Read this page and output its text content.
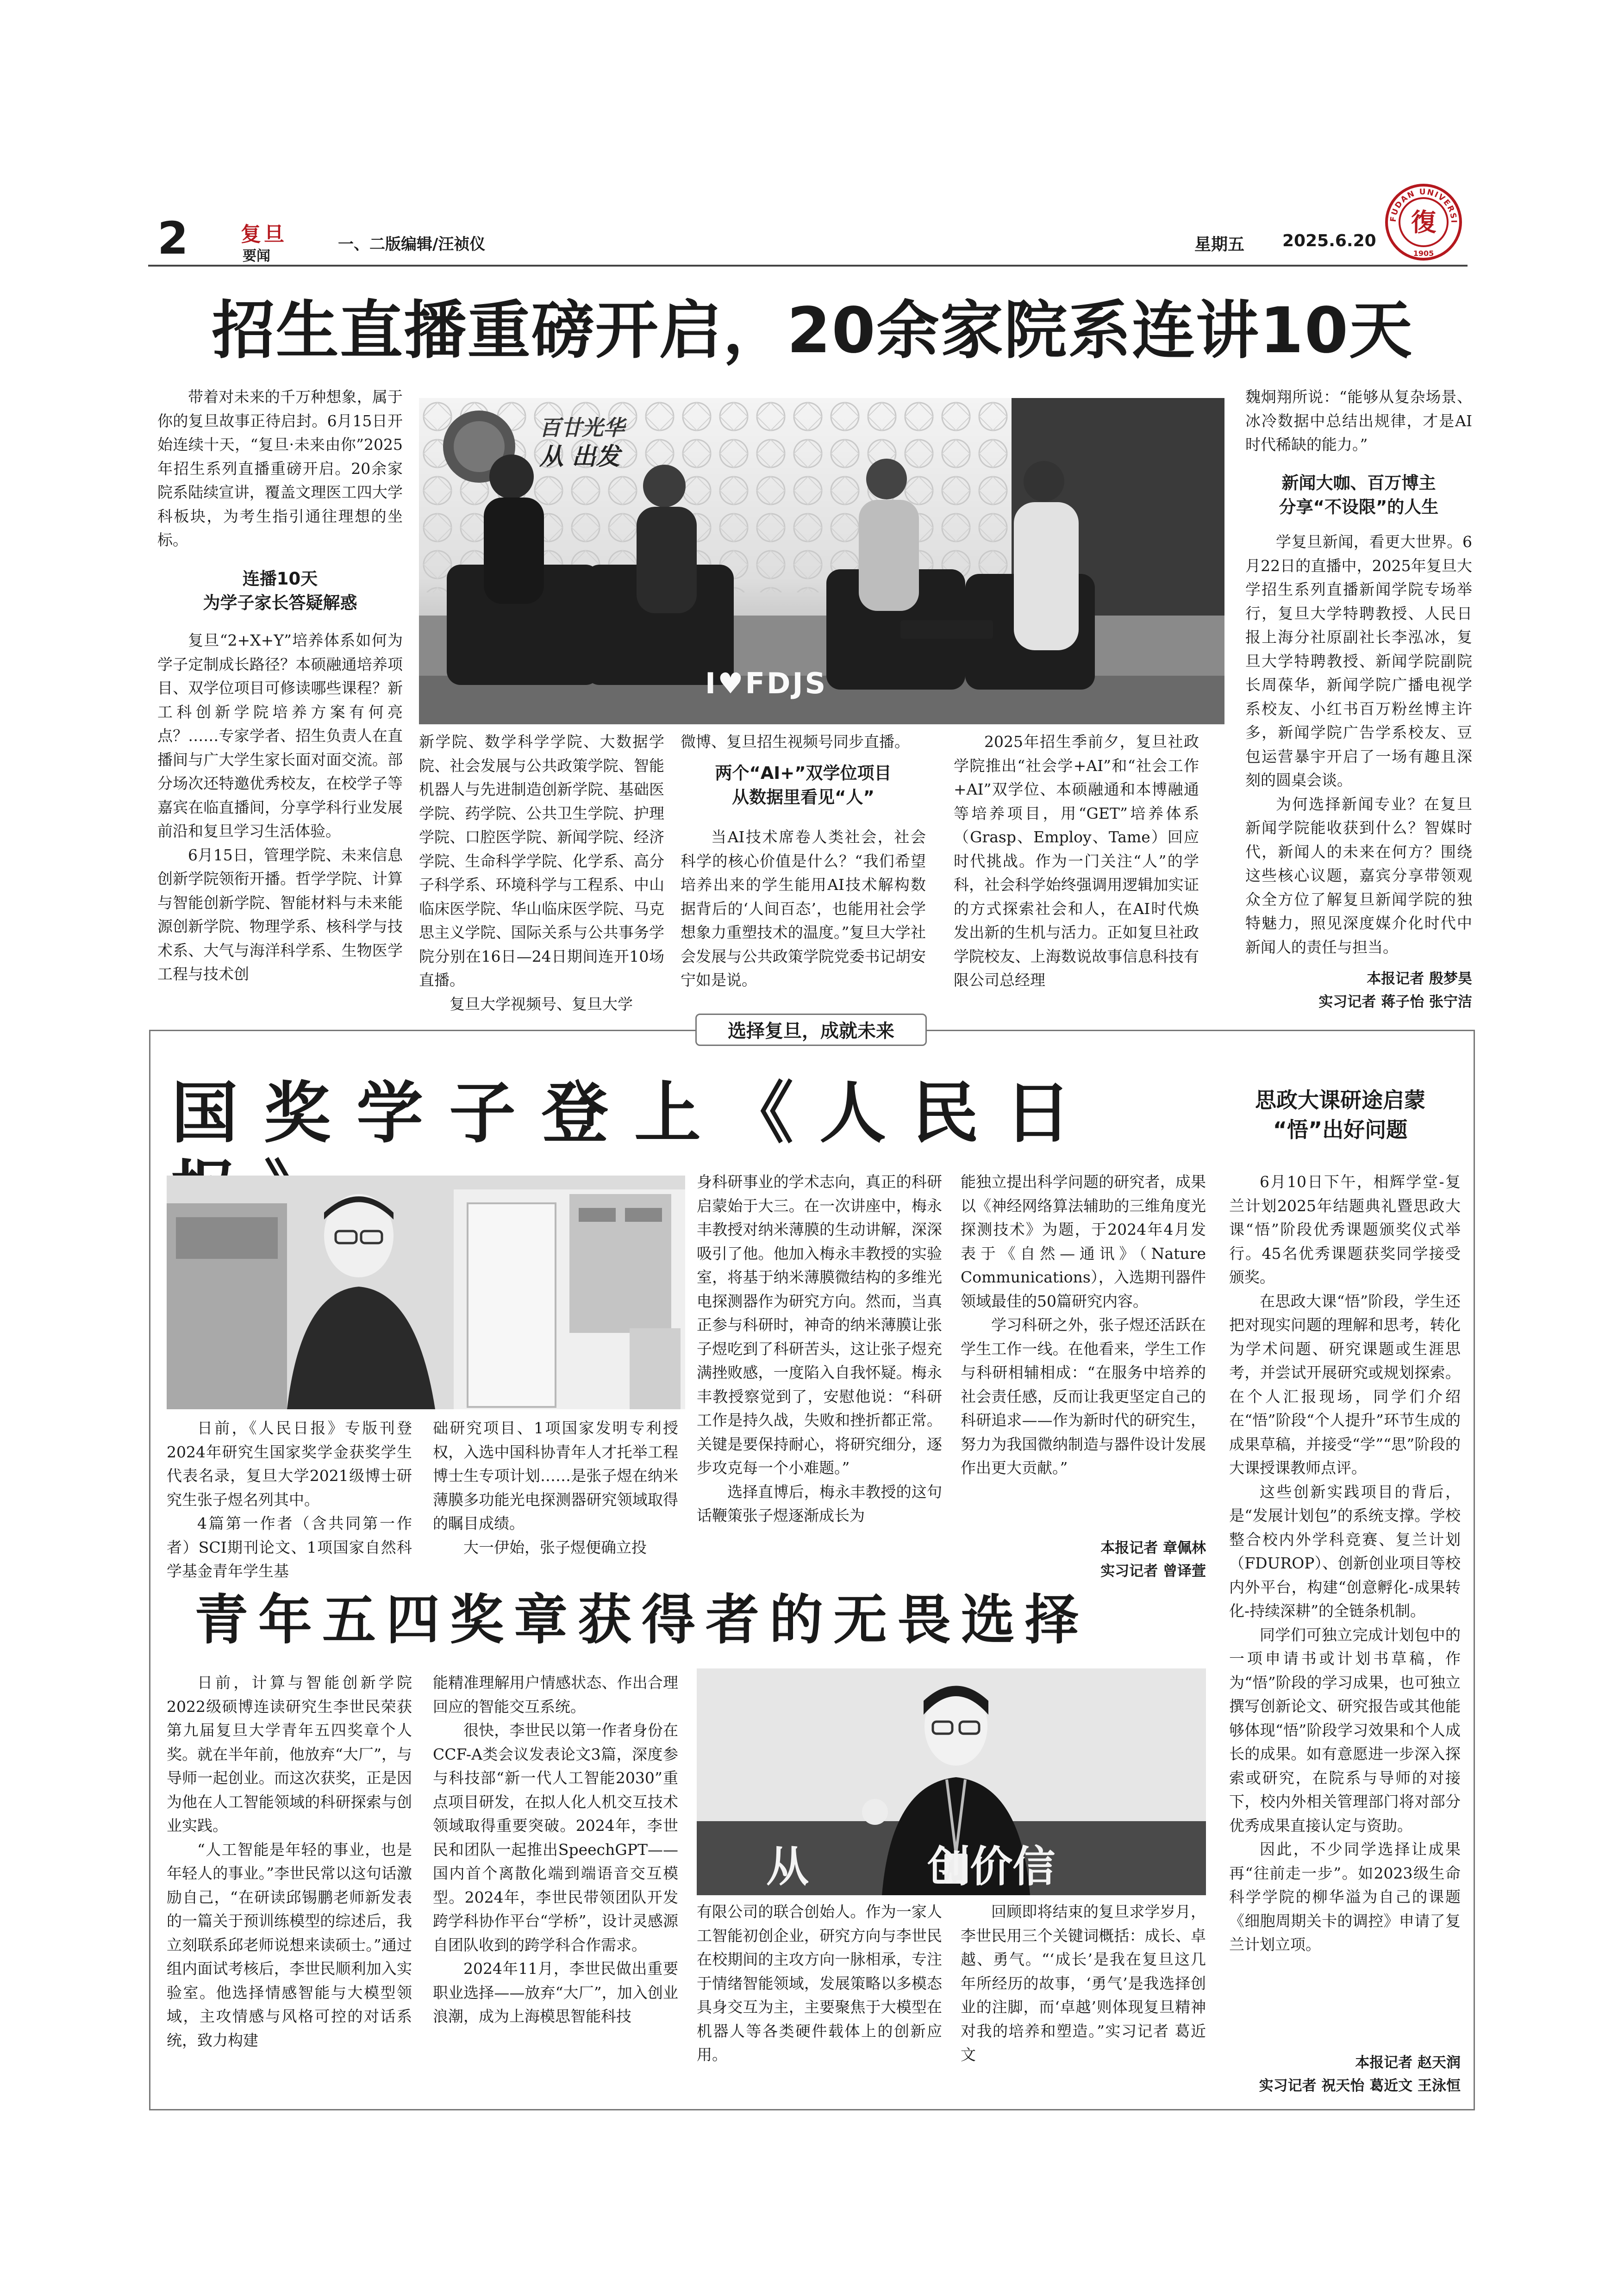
2	复旦
要闻
一、二版编辑/汪祯仪	星期五 2025.6.20
FUDAN UNIVERSI
復
1905
招生直播重磅开启，20余家院系连讲10天
百廿光华
从 出发
I♥FDJS

带着对未来的千万种想象，属于你的复旦故事正待启封。6月15日开始连续十天，“复旦·未来由你”2025年招生系列直播重磅开启。20余家院系陆续宣讲，覆盖文理医工四大学科板块，为考生指引通往理想的坐标。

连播10天
为学子家长答疑解惑

复旦“2+X+Y”培养体系如何为学子定制成长路径？本硕融通培养项目、双学位项目可修读哪些课程？新工科创新学院培养方案有何亮点？……专家学者、招生负责人在直播间与广大学生家长面对面交流。部分场次还特邀优秀校友，在校学子等嘉宾在临直播间，分享学科行业发展前沿和复旦学习生活体验。

6月15日，管理学院、未来信息创新学院领衔开播。哲学学院、计算与智能创新学院、智能材料与未来能源创新学院、物理学系、核科学与技术系、大气与海洋科学系、生物医学工程与技术创

新学院、数学科学学院、大数据学院、社会发展与公共政策学院、智能机器人与先进制造创新学院、基础医学院、药学院、公共卫生学院、护理学院、口腔医学院、新闻学院、经济学院、生命科学学院、化学系、高分子科学系、环境科学与工程系、中山临床医学院、华山临床医学院、马克思主义学院、国际关系与公共事务学院分别在16日—24日期间连开10场直播。

复旦大学视频号、复旦大学

微博、复旦招生视频号同步直播。

两个“AI+”双学位项目
从数据里看见“人”

当AI技术席卷人类社会，社会科学的核心价值是什么？“我们希望培养出来的学生能用AI技术解构数据背后的‘人间百态’，也能用社会学想象力重塑技术的温度。”复旦大学社会发展与公共政策学院党委书记胡安宁如是说。

2025年招生季前夕，复旦社政学院推出“社会学+AI”和“社会工作+AI”双学位、本硕融通和本博融通等培养项目，用“GET”培养体系（Grasp、Employ、Tame）回应时代挑战。作为一门关注“人”的学科，社会科学始终强调用逻辑加实证的方式探索社会和人，在AI时代焕发出新的生机与活力。正如复旦社政学院校友、上海数说故事信息科技有限公司总经理

魏炯翔所说：“能够从复杂场景、冰冷数据中总结出规律，才是AI时代稀缺的能力。”

新闻大咖、百万博主
分享“不设限”的人生

学复旦新闻，看更大世界。6月22日的直播中，2025年复旦大学招生系列直播新闻学院专场举行，复旦大学特聘教授、人民日报上海分社原副社长李泓冰，复旦大学特聘教授、新闻学院副院长周葆华，新闻学院广播电视学系校友、小红书百万粉丝博主许多，新闻学院广告学系校友、豆包运营暴宇开启了一场有趣且深刻的圆桌会谈。

为何选择新闻专业？在复旦新闻学院能收获到什么？智媒时代，新闻人的未来在何方？围绕这些核心议题，嘉宾分享带领观众全方位了解复旦新闻学院的独特魅力，照见深度媒介化时代中新闻人的责任与担当。

本报记者 殷梦昊
实习记者 蒋子怡 张宁洁
选择复旦，成就未来
国奖学子登上《人民日

日前，《人民日报》专版刊登2024年研究生国家奖学金获奖学生代表名录，复旦大学2021级博士研究生张子煜名列其中。

4篇第一作者（含共同第一作者）SCI期刊论文、1项国家自然科学基金青年学生基

础研究项目、1项国家发明专利授权，入选中国科协青年人才托举工程博士生专项计划……是张子煜在纳米薄膜多功能光电探测器研究领域取得的瞩目成绩。

大一伊始，张子煜便确立投

身科研事业的学术志向，真正的科研启蒙始于大三。在一次讲座中，梅永丰教授对纳米薄膜的生动讲解，深深吸引了他。他加入梅永丰教授的实验室，将基于纳米薄膜微结构的多维光电探测器作为研究方向。然而，当真正参与科研时，神奇的纳米薄膜让张子煜吃到了科研苦头，这让张子煜充满挫败感，一度陷入自我怀疑。梅永丰教授察觉到了，安慰他说：“科研工作是持久战，失败和挫折都正常。关键是要保持耐心，将研究细分，逐步攻克每一个小难题。”

选择直博后，梅永丰教授的这句话鞭策张子煜逐渐成长为

能独立提出科学问题的研究者，成果以《神经网络算法辅助的三维角度光探测技术》为题，于2024年4月发表于《自然—通讯》（Nature Communications），入选期刊器件领域最佳的50篇研究内容。

学习科研之外，张子煜还活跃在学生工作一线。在他看来，学生工作与科研相辅相成：“在服务中培养的社会责任感，反而让我更坚定自己的科研追求——作为新时代的研究生，努力为我国微纳制造与器件设计发展作出更大贡献。”

本报记者 章佩林
实习记者 曾译萱
思政大课研途启蒙
“悟”出好问题

6月10日下午，相辉学堂-复兰计划2025年结题典礼暨思政大课“悟”阶段优秀课题颁奖仪式举行。45名优秀课题获奖同学接受颁奖。

在思政大课“悟”阶段，学生还把对现实问题的理解和思考，转化为学术问题、研究课题或生涯思考，并尝试开展研究或规划探索。在个人汇报现场，同学们介绍在“悟”阶段“个人提升”环节生成的成果草稿，并接受“学”“思”阶段的大课授课教师点评。

这些创新实践项目的背后，是“发展计划包”的系统支撑。学校整合校内外学科竞赛、复兰计划（FDUROP）、创新创业项目等校内外平台，构建“创意孵化-成果转化-持续深耕”的全链条机制。

同学们可独立完成计划包中的一项申请书或计划书草稿，作为“悟”阶段的学习成果，也可独立撰写创新论文、研究报告或其他能够体现“悟”阶段学习效果和个人成长的成果。如有意愿进一步深入探索或研究，在院系与导师的对接下，校内外相关管理部门将对部分优秀成果直接认定与资助。

因此，不少同学选择让成果再“往前走一步”。如2023级生命科学学院的柳华溢为自己的课题《细胞周期关卡的调控》申请了复兰计划立项。

本报记者 赵天润
实习记者 祝天怡 葛近文 王泳恒
青年五四奖章获得者的无畏选择

日前，计算与智能创新学院2022级硕博连读研究生李世民荣获第九届复旦大学青年五四奖章个人奖。就在半年前，他放弃“大厂”，与导师一起创业。而这次获奖，正是因为他在人工智能领域的科研探索与创业实践。

“人工智能是年轻的事业，也是年轻人的事业。”李世民常以这句话激励自己，“在研读邱锡鹏老师新发表的一篇关于预训练模型的综述后，我立刻联系邱老师说想来读硕士。”通过组内面试考核后，李世民顺利加入实验室。他选择情感智能与大模型领域，主攻情感与风格可控的对话系统，致力构建

能精准理解用户情感状态、作出合理回应的智能交互系统。

很快，李世民以第一作者身份在CCF-A类会议发表论文3篇，深度参与科技部“新一代人工智能2030”重点项目研发，在拟人化人机交互技术领域取得重要突破。2024年，李世民和团队一起推出SpeechGPT——国内首个离散化端到端语音交互模型。2024年，李世民带领团队开发跨学科协作平台“学桥”，设计灵感源自团队收到的跨学科合作需求。

2024年11月，李世民做出重要职业选择——放弃“大厂”，加入创业浪潮，成为上海模思智能科技

从        创价信

有限公司的联合创始人。作为一家人工智能初创企业，研究方向与李世民在校期间的主攻方向一脉相承，专注于情绪智能领域，发展策略以多模态具身交互为主，主要聚焦于大模型在机器人等各类硬件载体上的创新应用。

回顾即将结束的复旦求学岁月，李世民用三个关键词概括：成长、卓越、勇气。“‘成长’是我在复旦这几年所经历的故事，‘勇气’是我选择创业的注脚，而‘卓越’则体现复旦精神对我的培养和塑造。”实习记者 葛近文
